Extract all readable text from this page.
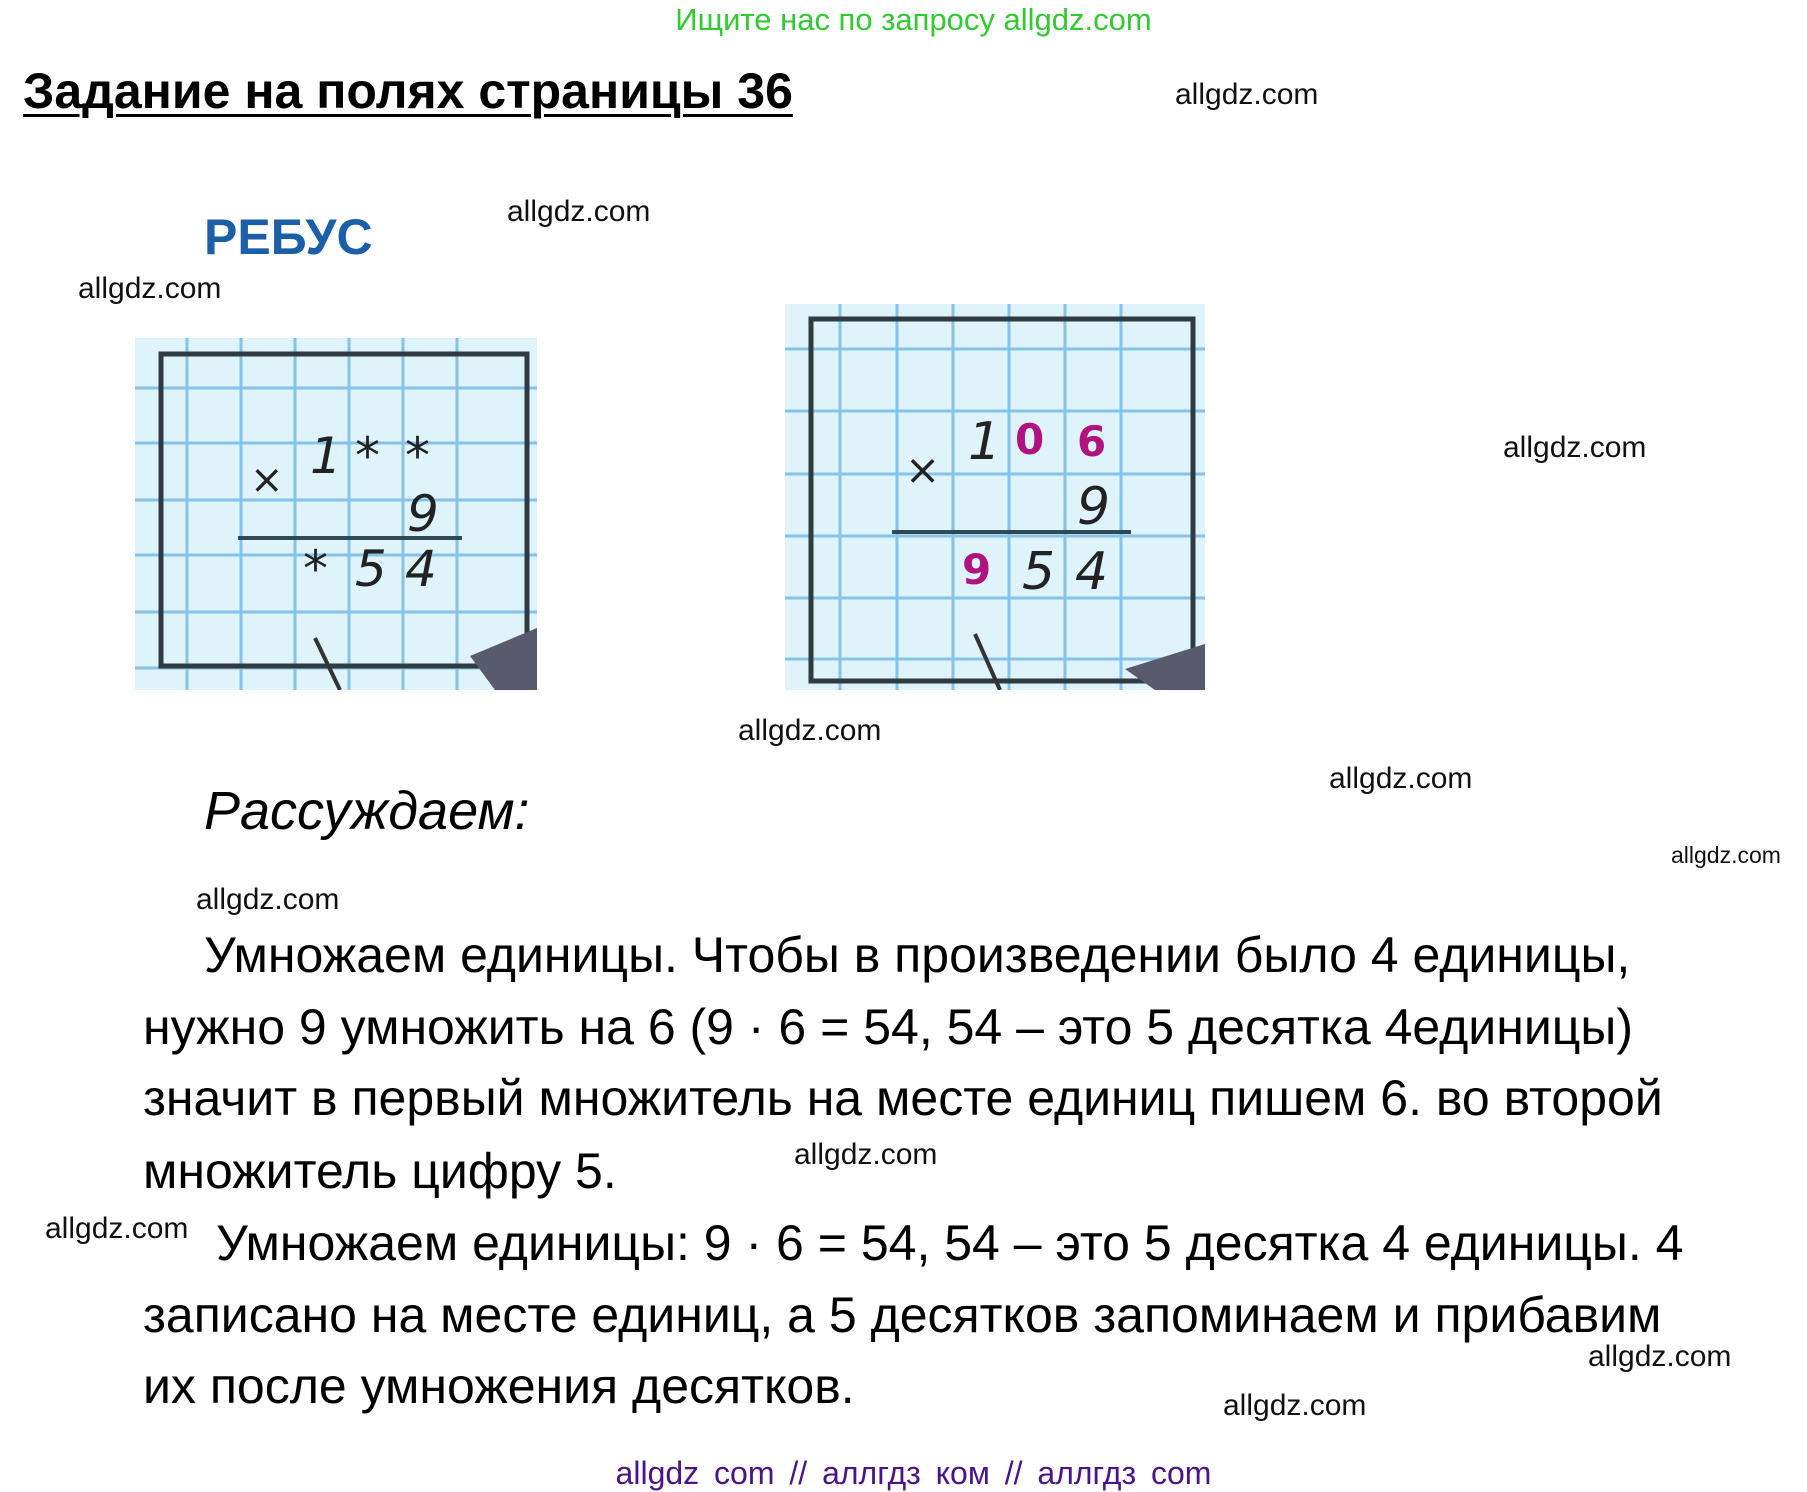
Ищите нас по запросу allgdz.com
Задание на полях страницы 36
РЕБУС
allgdz.com
allgdz.com
allgdz.com
allgdz.com
allgdz.com
allgdz.com
allgdz.com
allgdz.com
allgdz.com
allgdz.com
allgdz.com
allgdz.com
× 1 * *
9
* 5 4
× 1 0 6
9
9 5 4
Рассуждаем:
Умножаем единицы. Чтобы в произведении было 4 единицы,
нужно 9 умножить на 6 (9 · 6 = 54, 54 – это 5 десятка 4единицы)
значит в первый множитель на месте единиц пишем 6. во второй
множитель цифру 5.
Умножаем единицы: 9 · 6 = 54, 54 – это 5 десятка 4 единицы. 4
записано на месте единиц, а 5 десятков запоминаем и прибавим
их после умножения десятков.
allgdz com // аллгдз ком // аллгдз com
